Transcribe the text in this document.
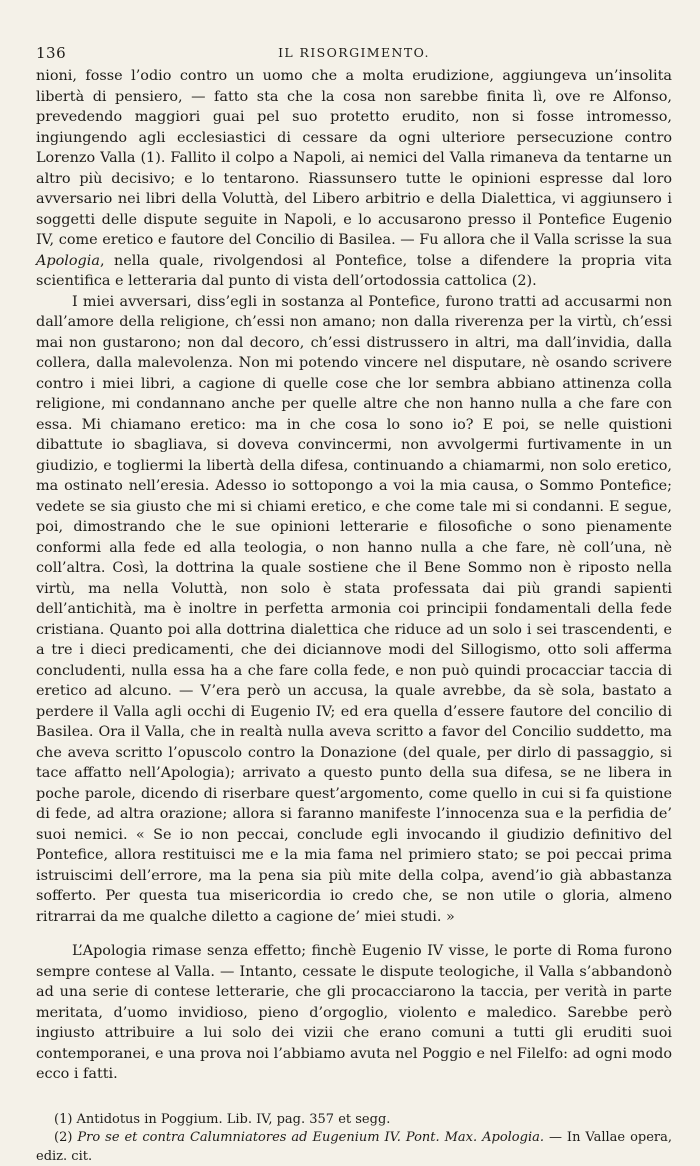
136	IL RISORGIMENTO.

nioni, fosse l’odio contro un uomo che a molta erudizione, aggiungeva un’insolita libertà di pensiero, — fatto sta che la cosa non sarebbe finita lì, ove re Alfonso, prevedendo maggiori guai pel suo protetto erudito, non si fosse intromesso, ingiungendo agli ecclesiastici di cessare da ogni ulteriore persecuzione contro Lorenzo Valla (1). Fallito il colpo a Napoli, ai nemici del Valla rimaneva da tentarne un altro più decisivo; e lo tentarono. Riassunsero tutte le opinioni espresse dal loro avversario nei libri della Voluttà, del Libero arbitrio e della Dialettica, vi aggiunsero i soggetti delle dispute seguite in Napoli, e lo accusarono presso il Pontefice Eugenio IV, come eretico e fautore del Concilio di Basilea. — Fu allora che il Valla scrisse la sua Apologia, nella quale, rivolgendosi al Pontefice, tolse a difendere la propria vita scientifica e letteraria dal punto di vista dell’ortodossia cattolica (2).

I miei avversari, diss’egli in sostanza al Pontefice, furono tratti ad accusarmi non dall’amore della religione, ch’essi non amano; non dalla riverenza per la virtù, ch’essi mai non gustarono; non dal decoro, ch’essi distrussero in altri, ma dall’invidia, dalla collera, dalla malevolenza. Non mi potendo vincere nel disputare, nè osando scrivere contro i miei libri, a cagione di quelle cose che lor sembra abbiano attinenza colla religione, mi condannano anche per quelle altre che non hanno nulla a che fare con essa. Mi chiamano eretico: ma in che cosa lo sono io? E poi, se nelle quistioni dibattute io sbagliava, si doveva convincermi, non avvolgermi furtivamente in un giudizio, e togliermi la libertà della difesa, continuando a chiamarmi, non solo eretico, ma ostinato nell’eresia. Adesso io sottopongo a voi la mia causa, o Sommo Pontefice; vedete se sia giusto che mi si chiami eretico, e che come tale mi si condanni. E segue, poi, dimostrando che le sue opinioni letterarie e filosofiche o sono pienamente conformi alla fede ed alla teologia, o non hanno nulla a che fare, nè coll’una, nè coll’altra. Così, la dottrina la quale sostiene che il Bene Sommo non è riposto nella virtù, ma nella Voluttà, non solo è stata professata dai più grandi sapienti dell’antichità, ma è inoltre in perfetta armonia coi principii fondamentali della fede cristiana. Quanto poi alla dottrina dialettica che riduce ad un solo i sei trascendenti, e a tre i dieci predicamenti, che dei diciannove modi del Sillogismo, otto soli afferma concludenti, nulla essa ha a che fare colla fede, e non può quindi procacciar taccia di eretico ad alcuno. — V’era però un accusa, la quale avrebbe, da sè sola, bastato a perdere il Valla agli occhi di Eugenio IV; ed era quella d’essere fautore del concilio di Basilea. Ora il Valla, che in realtà nulla aveva scritto a favor del Concilio suddetto, ma che aveva scritto l’opuscolo contro la Donazione (del quale, per dirlo di passaggio, si tace affatto nell’Apologia); arrivato a questo punto della sua difesa, se ne libera in poche parole, dicendo di riserbare quest’argomento, come quello in cui si fa quistione di fede, ad altra orazione; allora si faranno manifeste l’innocenza sua e la perfidia de’ suoi nemici. « Se io non peccai, conclude egli invocando il giudizio definitivo del Pontefice, allora restituisci me e la mia fama nel primiero stato; se poi peccai prima istruiscimi dell’errore, ma la pena sia più mite della colpa, avend’io già abbastanza sofferto. Per questa tua misericordia io credo che, se non utile o gloria, almeno ritrarrai da me qualche diletto a cagione de’ miei studi. »

L’Apologia rimase senza effetto; finchè Eugenio IV visse, le porte di Roma furono sempre contese al Valla. — Intanto, cessate le dispute teologiche, il Valla s’abbandonò ad una serie di contese letterarie, che gli procacciarono la taccia, per verità in parte meritata, d’uomo invidioso, pieno d’orgoglio, violento e maledico. Sarebbe però ingiusto attribuire a lui solo dei vizii che erano comuni a tutti gli eruditi suoi contemporanei, e una prova noi l’abbiamo avuta nel Poggio e nel Filelfo: ad ogni modo ecco i fatti.

(1) Antidotus in Poggium. Lib. IV, pag. 357 et segg.

(2) Pro se et contra Calumniatores ad Eugenium IV. Pont. Max. Apologia. — In Vallae opera, ediz. cit.
